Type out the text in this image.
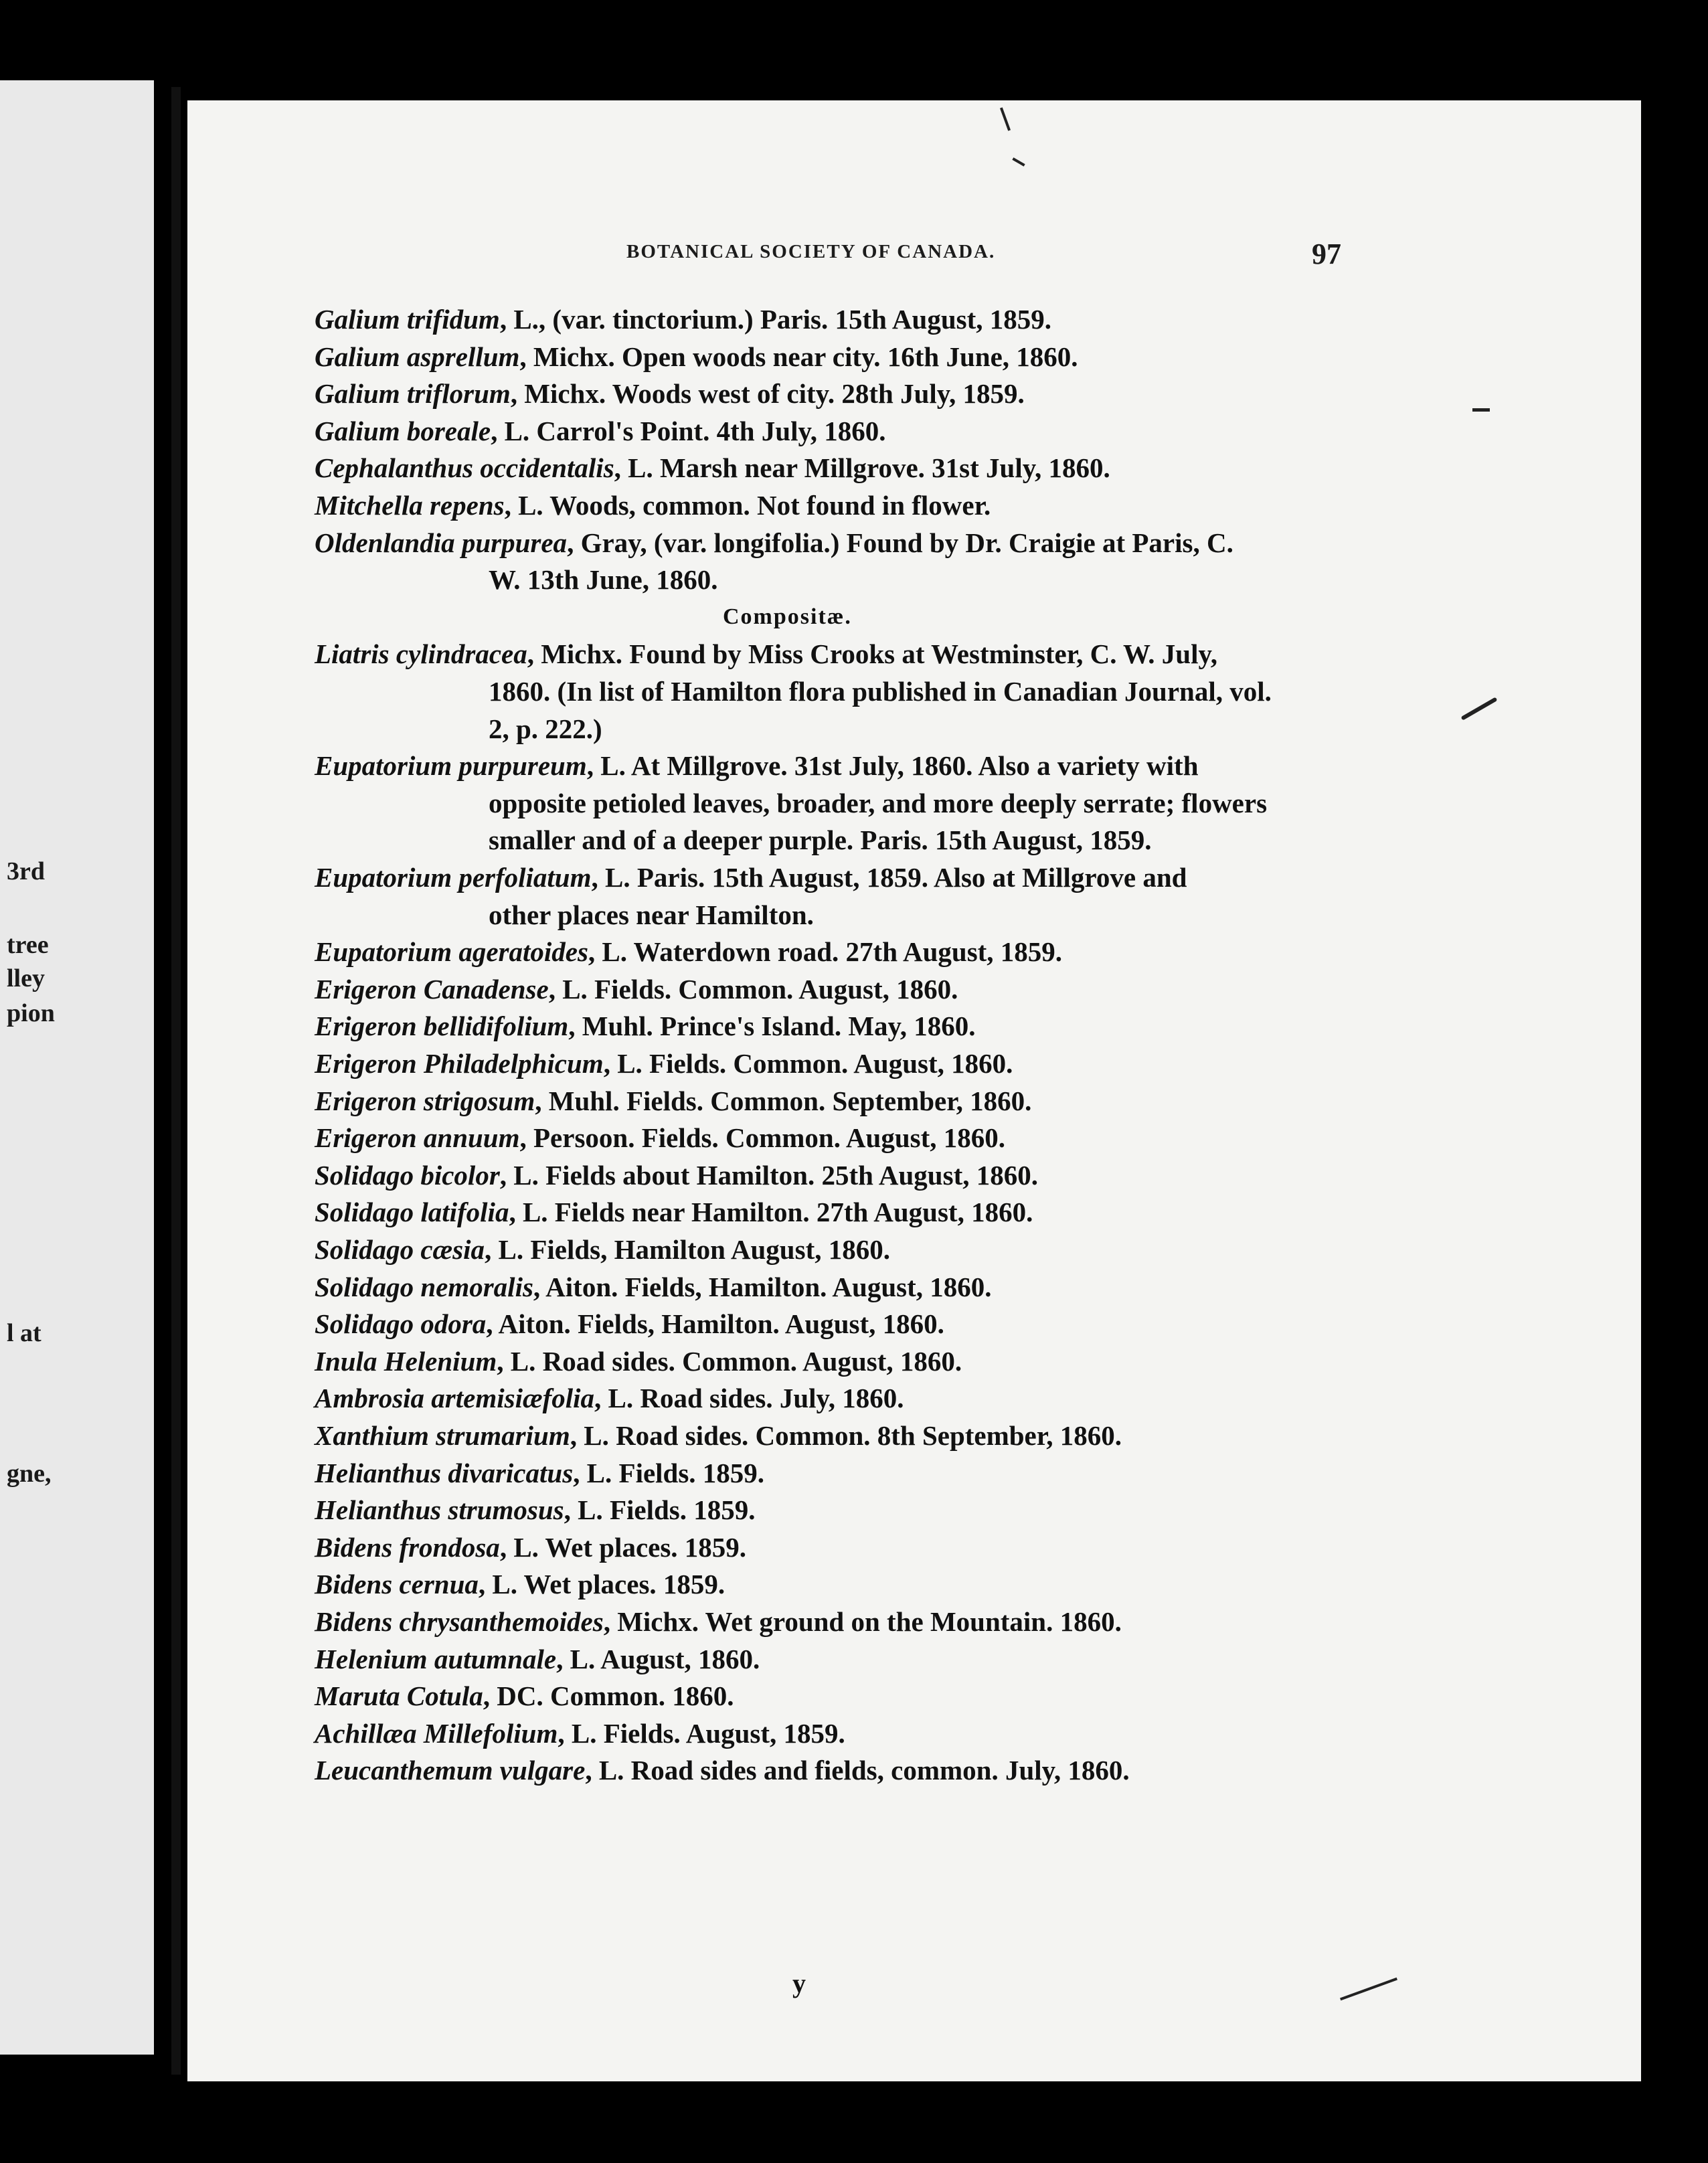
3rd
tree
lley
pion
l at
gne,
BOTANICAL SOCIETY OF CANADA.	97
Galium trifidum, L., (var. tinctorium.) Paris. 15th August, 1859.
Galium asprellum, Michx. Open woods near city. 16th June, 1860.
Galium triflorum, Michx. Woods west of city. 28th July, 1859.
Galium boreale, L. Carrol's Point. 4th July, 1860.
Cephalanthus occidentalis, L. Marsh near Millgrove. 31st July, 1860.
Mitchella repens, L. Woods, common. Not found in flower.
Oldenlandia purpurea, Gray, (var. longifolia.) Found by Dr. Craigie at Paris, C.
W. 13th June, 1860.
Compositæ.
Liatris cylindracea, Michx. Found by Miss Crooks at Westminster, C. W. July,
1860. (In list of Hamilton flora published in Canadian Journal, vol.
2, p. 222.)
Eupatorium purpureum, L. At Millgrove. 31st July, 1860. Also a variety with
opposite petioled leaves, broader, and more deeply serrate; flowers
smaller and of a deeper purple. Paris. 15th August, 1859.
Eupatorium perfoliatum, L. Paris. 15th August, 1859. Also at Millgrove and
other places near Hamilton.
Eupatorium ageratoides, L. Waterdown road. 27th August, 1859.
Erigeron Canadense, L. Fields. Common. August, 1860.
Erigeron bellidifolium, Muhl. Prince's Island. May, 1860.
Erigeron Philadelphicum, L. Fields. Common. August, 1860.
Erigeron strigosum, Muhl. Fields. Common. September, 1860.
Erigeron annuum, Persoon. Fields. Common. August, 1860.
Solidago bicolor, L. Fields about Hamilton. 25th August, 1860.
Solidago latifolia, L. Fields near Hamilton. 27th August, 1860.
Solidago cæsia, L. Fields, Hamilton August, 1860.
Solidago nemoralis, Aiton. Fields, Hamilton. August, 1860.
Solidago odora, Aiton. Fields, Hamilton. August, 1860.
Inula Helenium, L. Road sides. Common. August, 1860.
Ambrosia artemisiæfolia, L. Road sides. July, 1860.
Xanthium strumarium, L. Road sides. Common. 8th September, 1860.
Helianthus divaricatus, L. Fields. 1859.
Helianthus strumosus, L. Fields. 1859.
Bidens frondosa, L. Wet places. 1859.
Bidens cernua, L. Wet places. 1859.
Bidens chrysanthemoides, Michx. Wet ground on the Mountain. 1860.
Helenium autumnale, L. August, 1860.
Maruta Cotula, DC. Common. 1860.
Achillæa Millefolium, L. Fields. August, 1859.
Leucanthemum vulgare, L. Road sides and fields, common. July, 1860.
y
